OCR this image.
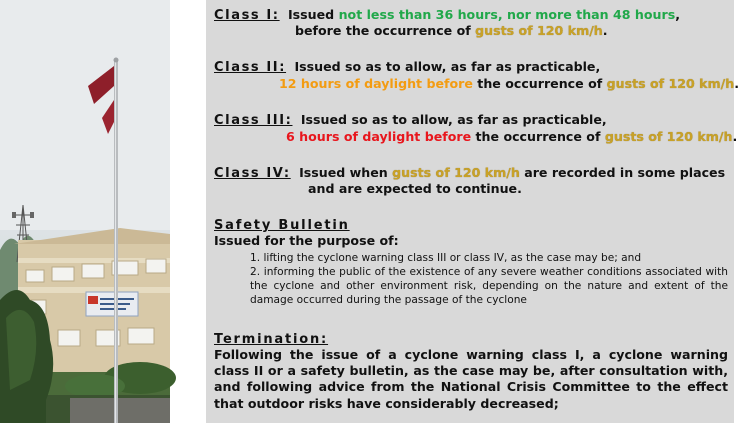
Class I: Issued not less than 36 hours, nor more than 48 hours,
before the occurrence of gusts of 120 km/h.
Class II: Issued so as to allow, as far as practicable,
12 hours of daylight before the occurrence of gusts of 120 km/h.
Class III: Issued so as to allow, as far as practicable,
6 hours of daylight before the occurrence of gusts of 120 km/h.
Class IV: Issued when gusts of 120 km/h are recorded in some places
and are expected to continue.
Safety Bulletin
Issued for the purpose of:

1. lifting the cyclone warning class III or class IV, as the case may be; and

2. informing the public of the existence of any severe weather conditions associated with the cyclone and other environment risk, depending on the nature and extent of the damage occurred during the passage of the cyclone

Termination:

Following the issue of a cyclone warning class I, a cyclone warning class II or a safety bulletin, as the case may be, after consultation with, and following advice from the National Crisis Committee to the effect that outdoor risks have considerably decreased;
